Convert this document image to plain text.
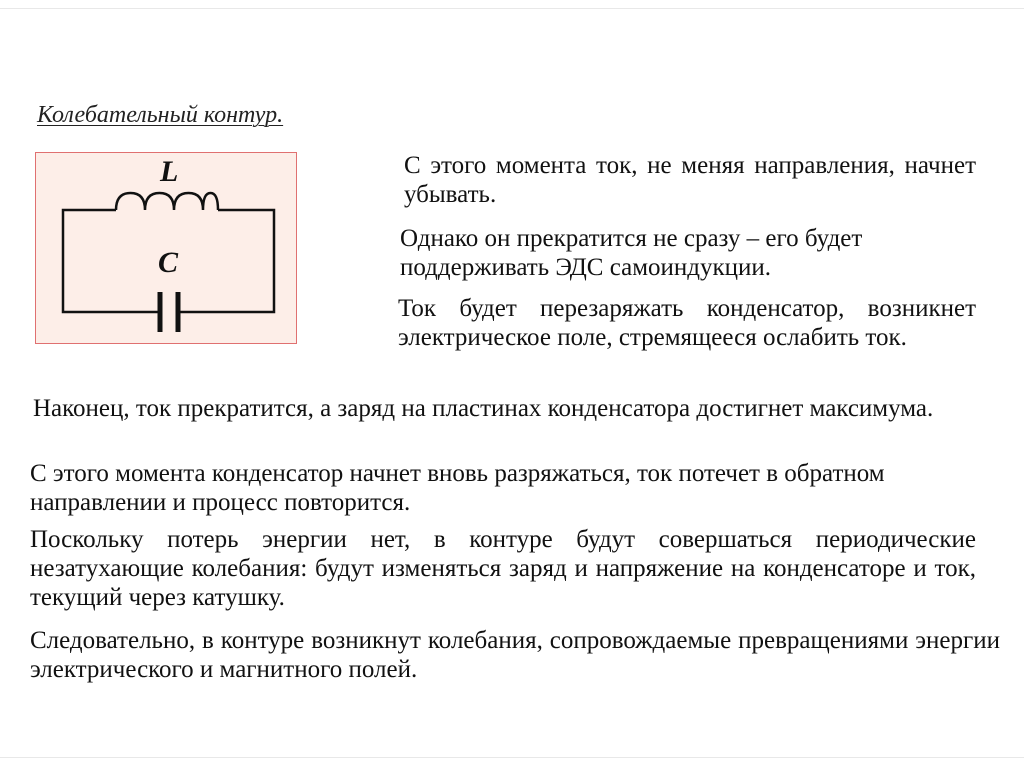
Колебательный контур.
L
C
С этого момента ток, не меняя направления, начнет убывать.
Однако он прекратится не сразу – его будет поддерживать ЭДС самоиндукции.
Ток будет перезаряжать конденсатор, возникнет электрическое поле, стремящееся ослабить ток.
Наконец, ток прекратится, а заряд на пластинах конденсатора достигнет максимума.
С этого момента конденсатор начнет вновь разряжаться, ток потечет в обратном направлении и процесс повторится.
Поскольку потерь энергии нет, в контуре будут совершаться периодические незатухающие колебания: будут изменяться заряд и напряжение на конденсаторе и ток, текущий через катушку.
Следовательно, в контуре возникнут колебания, сопровождаемые превращениями энергии электрического и магнитного полей.
